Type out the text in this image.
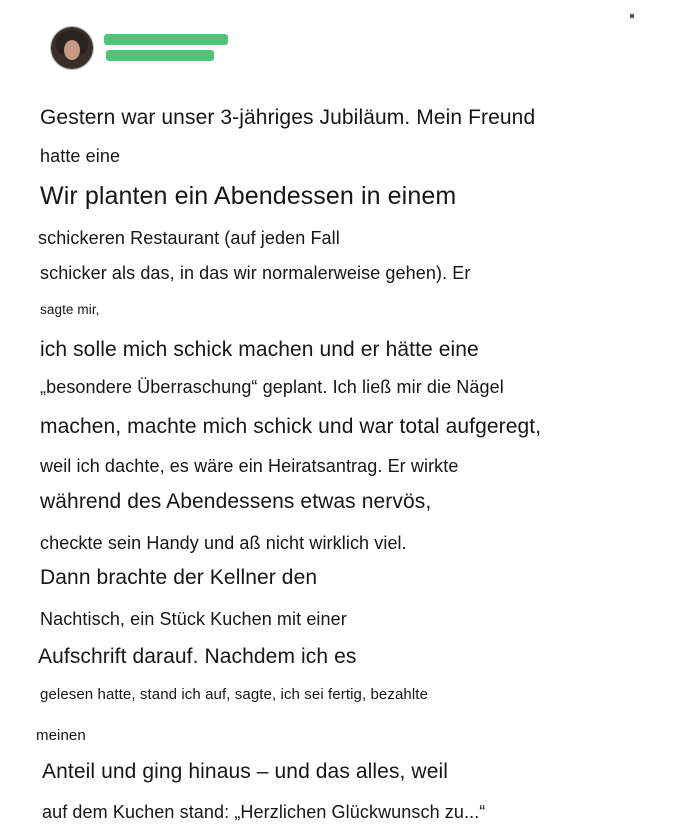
Gestern war unser 3-jähriges Jubiläum. Mein Freund
hatte eine
Wir planten ein Abendessen in einem
schickeren Restaurant (auf jeden Fall
schicker als das, in das wir normalerweise gehen). Er
sagte mir,
ich solle mich schick machen und er hätte eine
„besondere Überraschung“ geplant. Ich ließ mir die Nägel
machen, machte mich schick und war total aufgeregt,
weil ich dachte, es wäre ein Heiratsantrag. Er wirkte
während des Abendessens etwas nervös,
checkte sein Handy und aß nicht wirklich viel.
Dann brachte der Kellner den
Nachtisch, ein Stück Kuchen mit einer
Aufschrift darauf. Nachdem ich es
gelesen hatte, stand ich auf, sagte, ich sei fertig, bezahlte
meinen
Anteil und ging hinaus – und das alles, weil
auf dem Kuchen stand: „Herzlichen Glückwunsch zu...“
